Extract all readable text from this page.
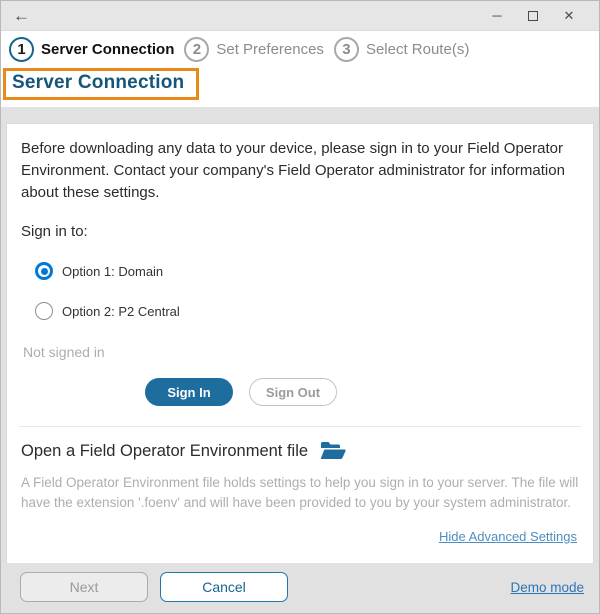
←	─	✕
1	Server Connection	2	Set Preferences	3	Select Route(s)
Server Connection

Before downloading any data to your device, please sign in to your Field Operator Environment. Contact your company's Field Operator administrator for information about these settings.

Sign in to:

Option 1: Domain
Option 2: P2 Central

Not signed in

Sign In	Sign Out
Open a Field Operator Environment file

A Field Operator Environment file holds settings to help you sign in to your server. The file will have the extension '.foenv' and will have been provided to you by your system administrator.

Hide Advanced Settings
Next	Cancel	Demo mode
